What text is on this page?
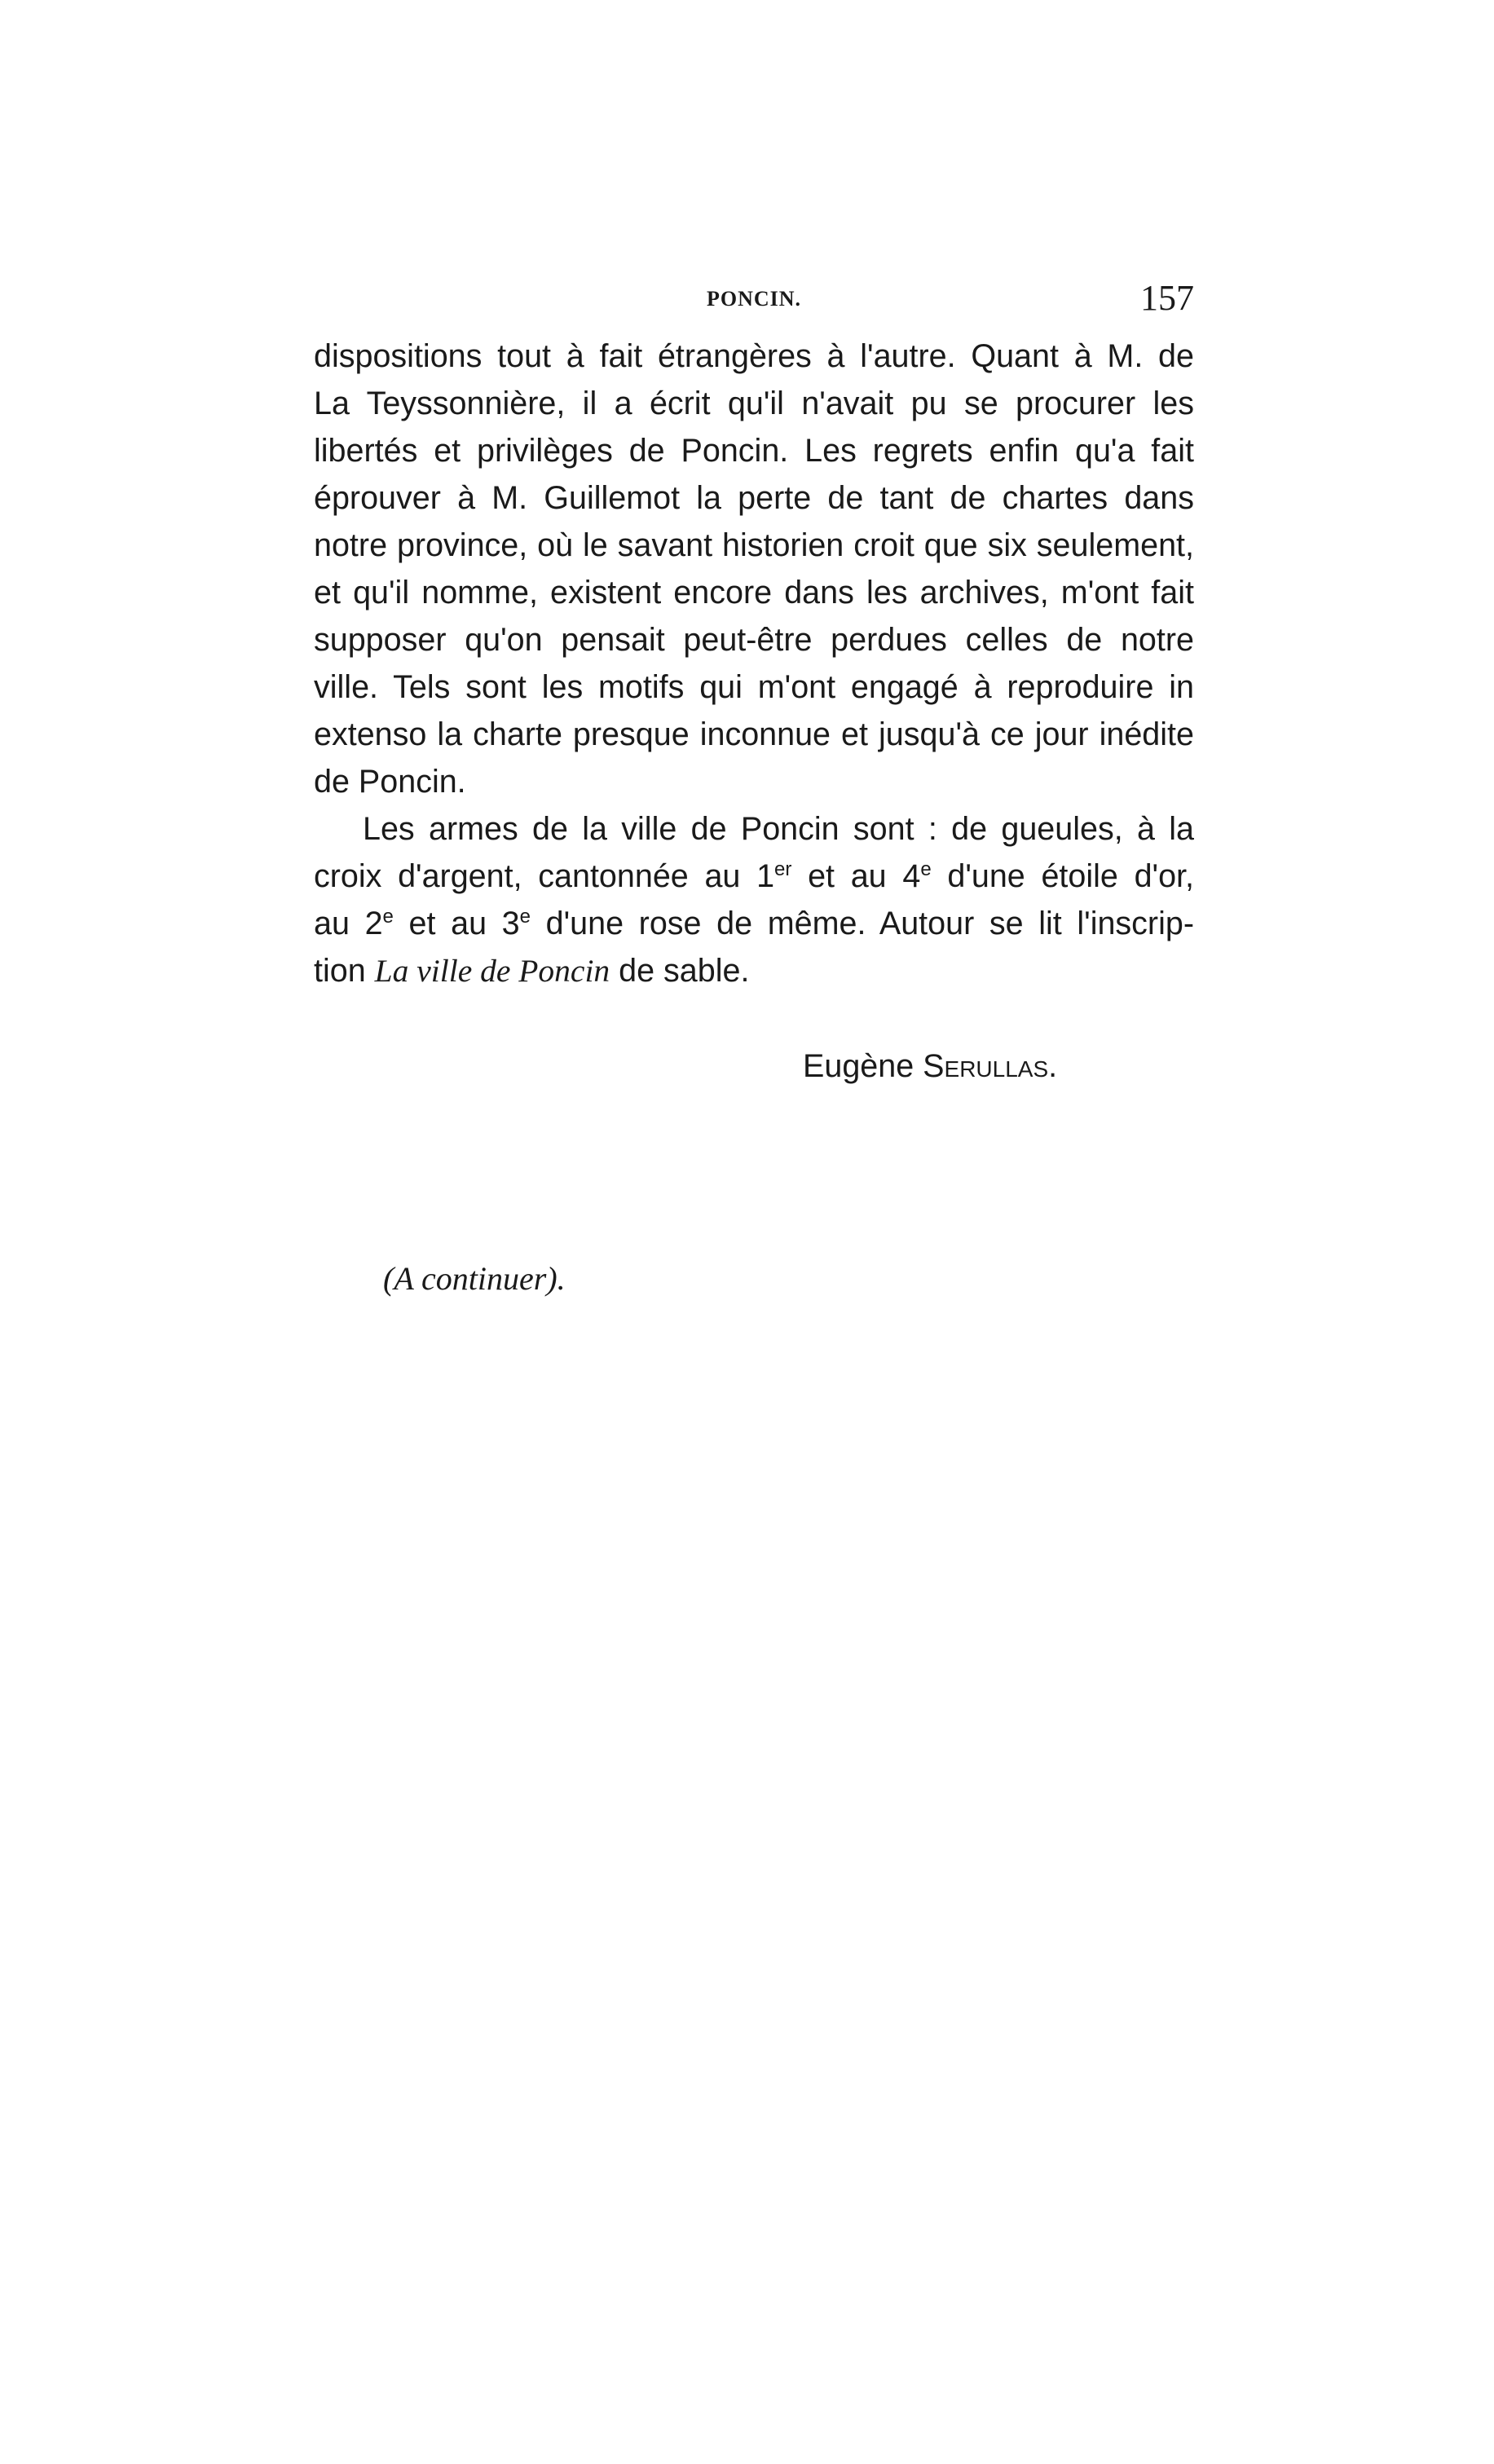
PONCIN.	157
dispositions tout à fait étrangères à l'autre. Quant à M. de
La Teyssonnière, il a écrit qu'il n'avait pu se procurer les
libertés et privilèges de Poncin. Les regrets enfin qu'a fait
éprouver à M. Guillemot la perte de tant de chartes dans
notre province, où le savant historien croit que six seulement,
et qu'il nomme, existent encore dans les archives, m'ont fait
supposer qu'on pensait peut-être perdues celles de notre
ville. Tels sont les motifs qui m'ont engagé à reproduire in
extenso la charte presque inconnue et jusqu'à ce jour inédite
de Poncin.
Les armes de la ville de Poncin sont : de gueules, à la
croix d'argent, cantonnée au 1er et au 4e d'une étoile d'or,
au 2e et au 3e d'une rose de même. Autour se lit l'inscrip-
tion La ville de Poncin de sable.
Eugène Serullas.
(A continuer).
